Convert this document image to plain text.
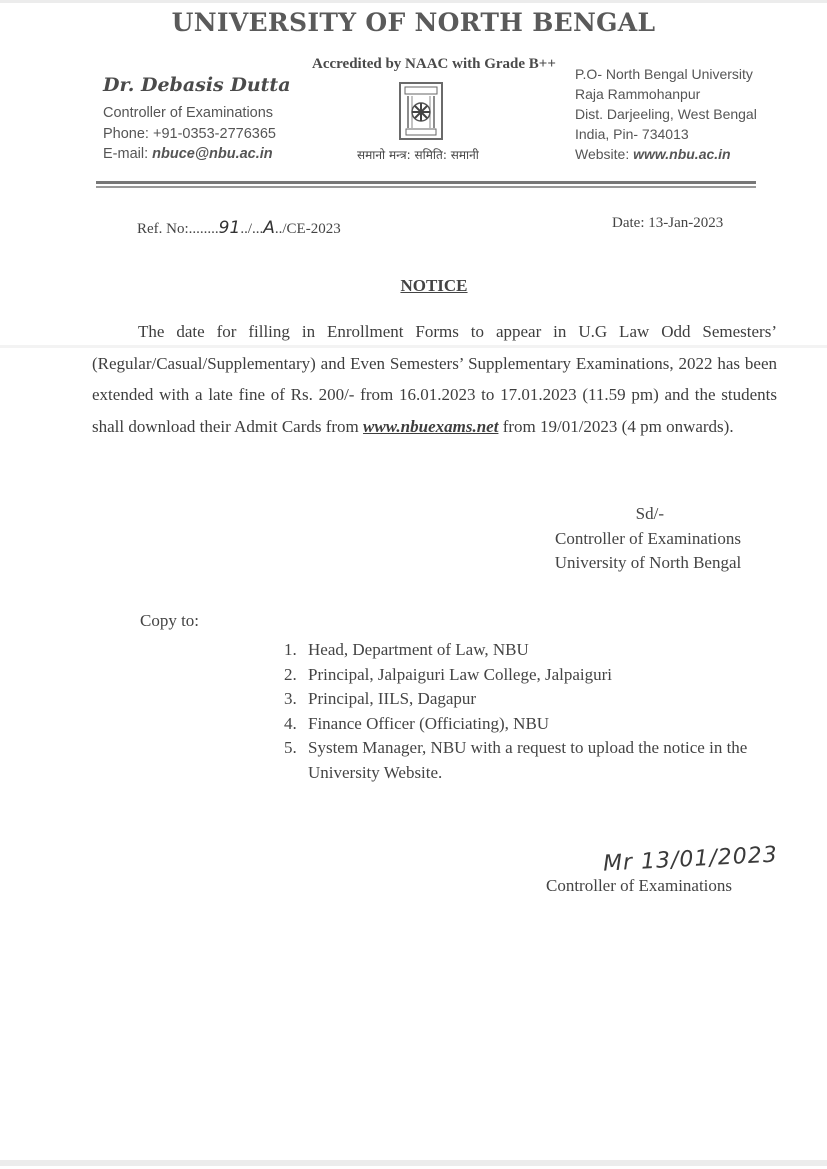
UNIVERSITY OF NORTH BENGAL
Dr. Debasis Dutta
Controller of Examinations
Phone: +91-0353-2776365
E-mail: nbuce@nbu.ac.in
Accredited by NAAC with Grade B++
समानो मन्त्र: समिति: समानी
P.O- North Bengal University
Raja Rammohanpur
Dist. Darjeeling, West Bengal
India, Pin- 734013
Website: www.nbu.ac.in
Ref. No:........91../...A../CE-2023	Date: 13-Jan-2023
NOTICE
The date for filling in Enrollment Forms to appear in U.G Law Odd Semesters’ (Regular/Casual/Supplementary) and Even Semesters’ Supplementary Examinations, 2022 has been extended with a late fine of Rs. 200/- from 16.01.2023 to 17.01.2023 (11.59 pm) and the students shall download their Admit Cards from www.nbuexams.net from 19/01/2023 (4 pm onwards).
Sd/-
Controller of Examinations
University of North Bengal
Copy to:
1. Head, Department of Law, NBU
2. Principal, Jalpaiguri Law College, Jalpaiguri
3. Principal, IILS, Dagapur
4. Finance Officer (Officiating), NBU
5. System Manager, NBU with a request to upload the notice in the University Website.
Mr 13/01/2023
Controller of Examinations
